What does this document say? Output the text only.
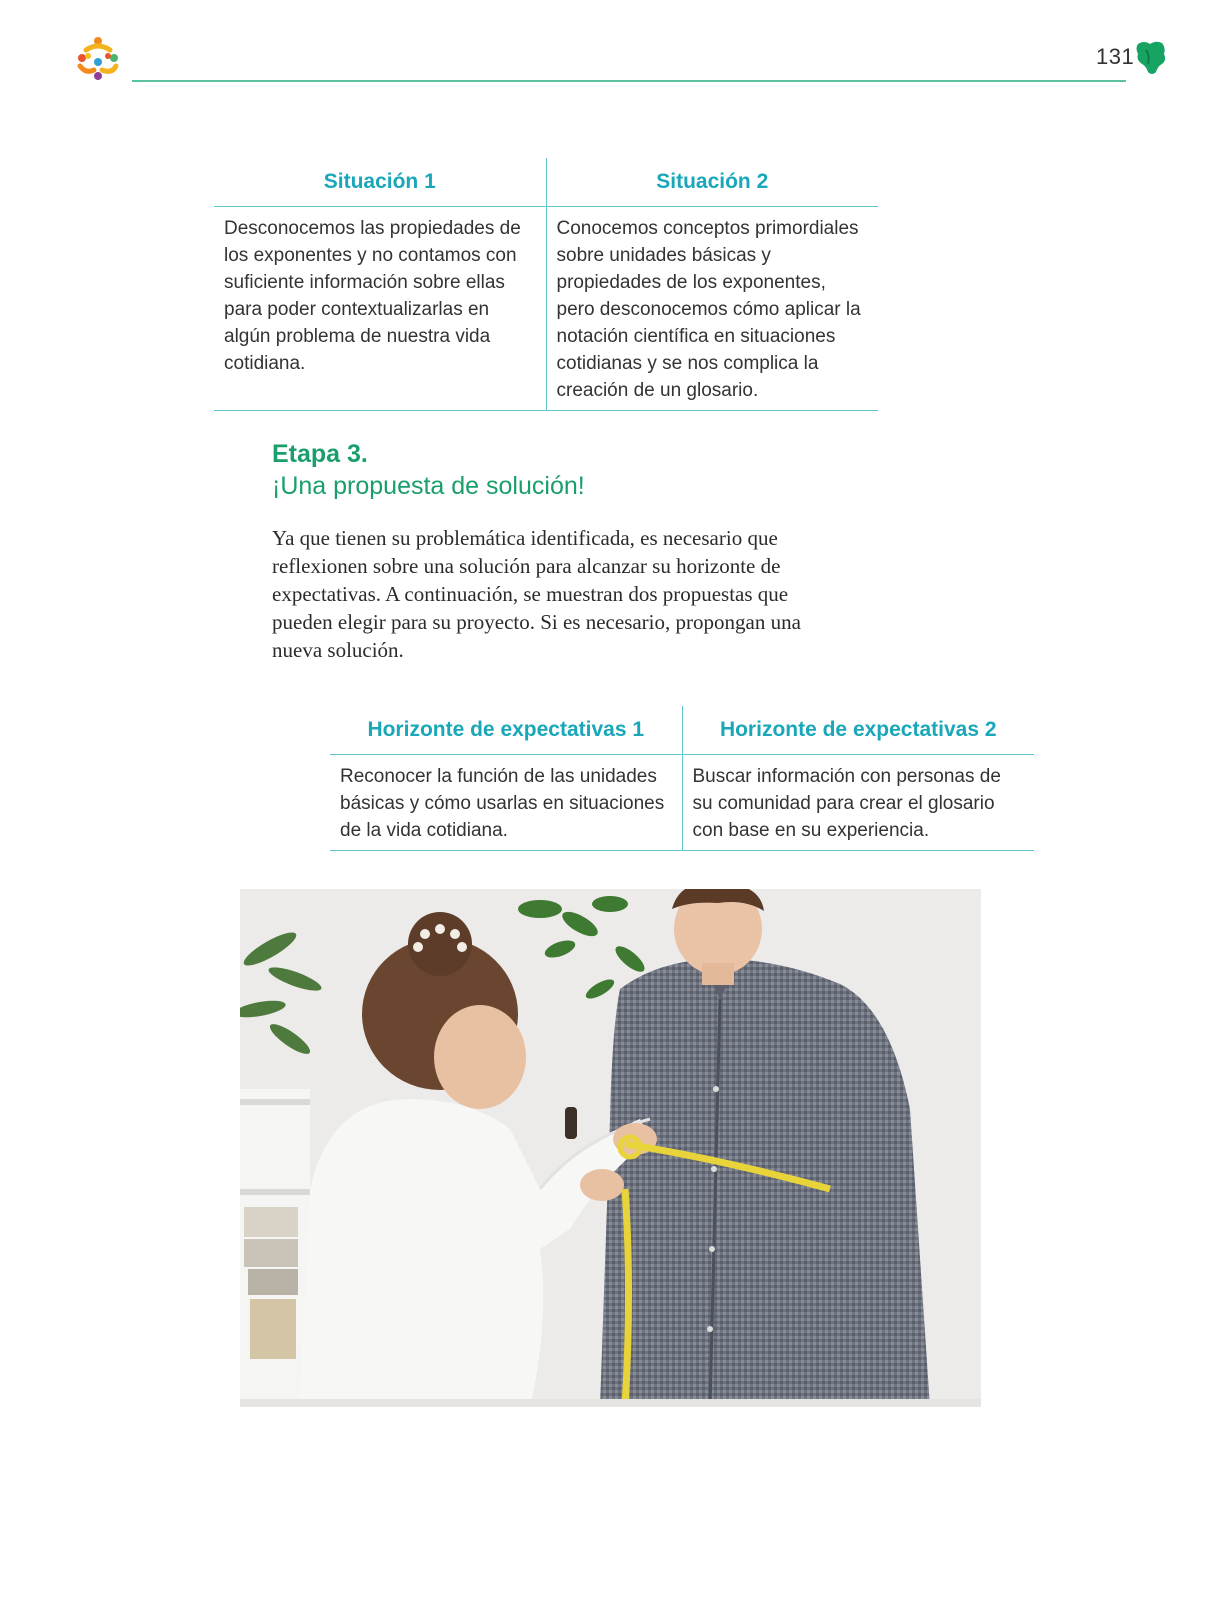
131
Situación 1	Situación 2
Desconocemos las propiedades de los exponentes y no contamos con suficiente información sobre ellas para poder contextualizarlas en algún problema de nuestra vida cotidiana.	Conocemos conceptos primordiales sobre unidades básicas y propiedades de los exponentes, pero desconocemos cómo aplicar la notación científica en situaciones cotidianas y se nos complica la creación de un glosario.
Etapa 3.
¡Una propuesta de solución!

Ya que tienen su problemática identificada, es necesario que reflexionen sobre una solución para alcanzar su horizonte de expectativas. A continuación, se muestran dos propuestas que pueden elegir para su proyecto. Si es necesario, propongan una nueva solución.

Horizonte de expectativas 1	Horizonte de expectativas 2
Reconocer la función de las unidades básicas y cómo usarlas en situaciones de la vida cotidiana.	Buscar información con personas de su comunidad para crear el glosario con base en su experiencia.
